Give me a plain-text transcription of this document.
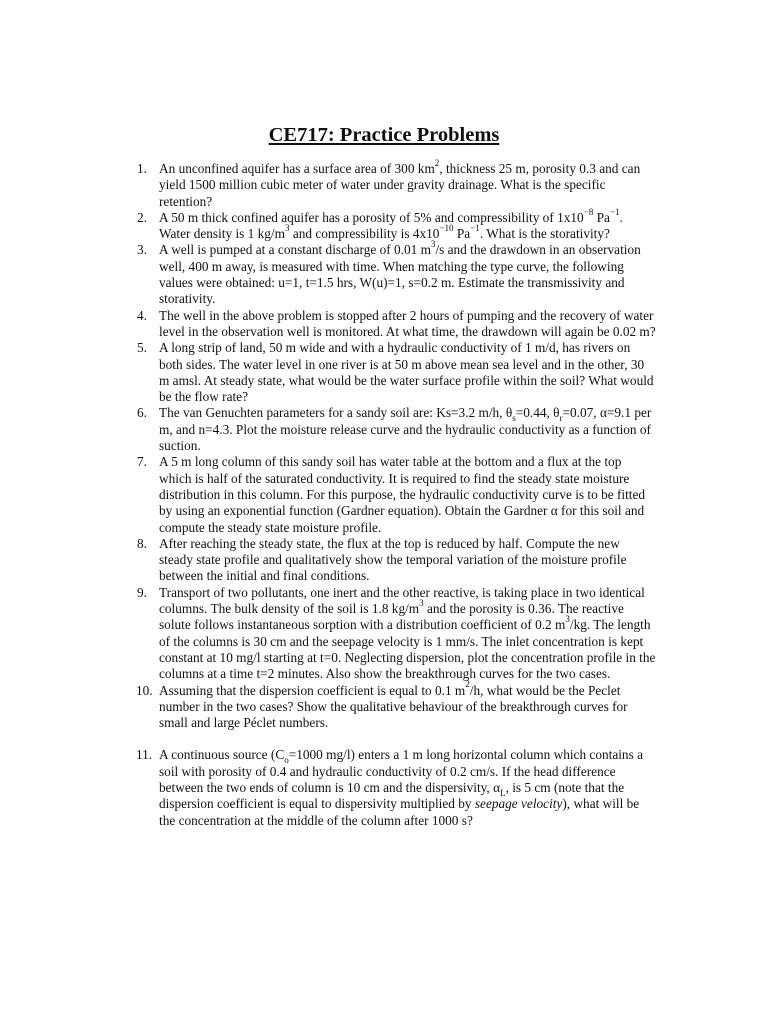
CE717: Practice Problems
1. An unconfined aquifer has a surface area of 300 $km^2$, thickness 25 m, porosity 0.3 and can yield 1500 million cubic meter of water under gravity drainage. What is the specific retention?
2. A 50 m thick confined aquifer has a porosity of 5% and compressibility of $1x10^{-8}$ $Pa^{-1}$. Water density is 1 $kg/m^3$ and compressibility is $4x10^{-10}$ $Pa^{-1}$. What is the storativity?
3. A well is pumped at a constant discharge of 0.01 $m^3/s$ and the drawdown in an observation well, 400 m away, is measured with time. When matching the type curve, the following values were obtained: u=1, t=1.5 hrs, W(u)=1, s=0.2 m. Estimate the transmissivity and storativity.
4. The well in the above problem is stopped after 2 hours of pumping and the recovery of water level in the observation well is monitored. At what time, the drawdown will again be 0.02 m?
5. A long strip of land, 50 m wide and with a hydraulic conductivity of 1 m/d, has rivers on both sides. The water level in one river is at 50 m above mean sea level and in the other, 30 m amsl. At steady state, what would be the water surface profile within the soil? What would be the flow rate?
6. The van Genuchten parameters for a sandy soil are: Ks=3.2 m/h, $\theta_s=0.44$, $\theta_r=0.07$, α=9.1 per m, and n=4.3. Plot the moisture release curve and the hydraulic conductivity as a function of suction.
7. A 5 m long column of this sandy soil has water table at the bottom and a flux at the top which is half of the saturated conductivity. It is required to find the steady state moisture distribution in this column. For this purpose, the hydraulic conductivity curve is to be fitted by using an exponential function (Gardner equation). Obtain the Gardner α for this soil and compute the steady state moisture profile.
8. After reaching the steady state, the flux at the top is reduced by half. Compute the new steady state profile and qualitatively show the temporal variation of the moisture profile between the initial and final conditions.
9. Transport of two pollutants, one inert and the other reactive, is taking place in two identical columns. The bulk density of the soil is 1.8 $kg/m^3$ and the porosity is 0.36. The reactive solute follows instantaneous sorption with a distribution coefficient of 0.2 $m^3/kg$. The length of the columns is 30 cm and the seepage velocity is 1 mm/s. The inlet concentration is kept constant at 10 mg/l starting at t=0. Neglecting dispersion, plot the concentration profile in the columns at a time t=2 minutes. Also show the breakthrough curves for the two cases.
10. Assuming that the dispersion coefficient is equal to 0.1 $m^2/h$, what would be the Peclet number in the two cases? Show the qualitative behaviour of the breakthrough curves for small and large Péclet numbers.
11. A continuous source ($C_o=1000$ mg/l) enters a 1 m long horizontal column which contains a soil with porosity of 0.4 and hydraulic conductivity of 0.2 cm/s. If the head difference between the two ends of column is 10 cm and the dispersivity, $\alpha_L$, is 5 cm (note that the dispersion coefficient is equal to dispersivity multiplied by seepage velocity), what will be the concentration at the middle of the column after 1000 s?
